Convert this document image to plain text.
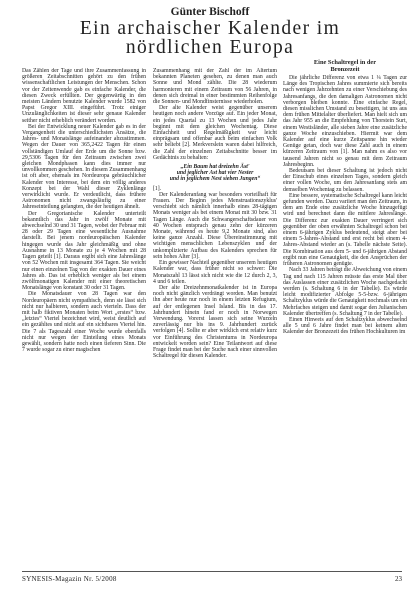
Günter Bischoff
Ein archaischer Kalender im
nördlichen Europa

Das Zählen der Tage und ihre Zusammenfassung in größeren Zeitabschnitten gehört zu den frühen wissenschaftlichen Leistungen der Menschen. Schon vor der Zeitenwende gab es einfache Kalender, die diesen Zweck erfüllten. Der gegenwärtig in den meisten Ländern benutzte Kalender wurde 1582 von Papst Gregor XIII. eingeführt. Trotz einiger Unzulänglichkeiten ist dieser sehr genaue Kalender seither nicht erheblich verändert worden.

Bei der Entwicklung neuer Kalender gab es in der Vergangenheit die unterschiedlichsten Ansätze, die Jahres- und Monatslänge aufeinander abzustimmen. Wegen der Dauer von 365,2422 Tagen für einen vollständigen Umlauf der Erde um die Sonne bzw. 29,5306 Tagen für den Zeitraum zwischen zwei gleichen Mondphasen kann dies immer nur unvollkommen geschehen. In diesem Zusammenhang ist oft aber, ehemals im Nordeuropa gebräuchlicher Kalender von Interesse, bei dem ein völlig anderes Konzept bei der Wahl dieser Zyklenlänge verwirklicht wurde. Er verdeutlicht, dass frühere Astronomen nicht zwangsläufig zu einer Jahreseinteilung gelangten, die der heutigen ähnelt.

Der Gregorianische Kalender unterteilt bekanntlich das Jahr in zwölf Monate mit abwechselnd 30 und 31 Tagen, wobei der Februar mit 28 oder 29 Tagen eine wesentliche Ausnahme darstellt. Bei jenem nordeuropäischen Kalender hingegen wurde das Jahr gleichmäßig und ohne Ausnahme in 13 Monate zu je 4 Wochen mit 28 Tagen geteilt [1]. Daraus ergibt sich eine Jahreslänge von 52 Wochen mit insgesamt 364 Tagen. Sie weicht nur einen einzelnen Tag von der exakten Dauer eines Jahres ab. Das ist erheblich weniger als bei einem zwölfmonatigen Kalender mit einer theoretischen Monatslänge von konstant 30 oder 31 Tagen.

Die Monatsdauer von 28 Tagen war den Nordeuropäern nicht sympathisch, denn sie lässt sich nicht nur halbieren, sondern auch vierteln. Dass der mit halb fiktiven Monaten beim Wort „erstes“ bzw. „letztes“ Viertel bezeichnet wird, weist deutlich auf ein gezähltes und nicht auf ein sichtbares Viertel hin. Die 7 als Tageszahl einer Woche wurde ebenfalls nicht nur wegen der Einteilung eines Monats gewählt, sondern hatte noch einen tieferen Sinn. Die 7 wurde sogar zu einer magischen

Zusammenhang mit der Zahl der im Altertum bekannten Planeten gesehen, zu denen man auch Sonne und Mond zählte. Die 28 wiederum harmonieren mit einem Zeitraum von 56 Jahren, in denen sich dreimal in einer bestimmten Reihenfolge die Sonnen- und Mondfinsternisse wiederholen.

Der alte Kalender weist gegenüber unserem heutigen noch andere Vorzüge auf. Ein jeder Monat, ein jedes Quartal zu 13 Wochen und jedes Jahr beginnt mit dem gleichen Wochentag. Diese Einfachheit und Regelmäßigkeit war leicht einprägsam und offenbar auch beim einfachen Volk sehr beliebt [2]. Merkverslein waren dabei hilfreich, die Zahl der einzelnen Zeitabschnitte besser im Gedächtnis zu behalten:

„Ein Baum hat dreizehn Äst'
und jeglicher Ast hat vier Nester
und in jeglichem Nest sieben Jungen“

[1].

Der Kalenderanfang war besonders vorteilhaft für Frauen. Der Beginn jedes Menstruationszyklus' verschiebt sich nämlich innerhalb eines 28-tägigen Monats weniger als bei einem Monat mit 30 bzw. 31 Tagen Länge. Auch die Schwangerschaftsdauer von 40 Wochen entsprach genau zehn der kürzeren Monate, während es heute 9,2 Monate sind, also keine ganze Anzahl. Diese Übereinstimmung mit wichtigen menschlichen Lebenszyklen und der unkomplizierte Aufbau des Kalenders sprechen für sein hohes Alter [3].

Ein gewisser Nachteil gegenüber unserem heutigen Kalender war, dass früher nicht so schwer: Die Monatszahl 13 lässt sich nicht wie die 12 durch 2, 3, 4 und 6 teilen.

Der alte Dreizehnmonatkalender ist in Europa noch nicht gänzlich verdrängt worden. Man benutzt ihn aber heute nur noch in einem letzten Refugium, auf der entlegenen Insel Island. Bis in das 17. Jahrhundert hinein fand er noch in Norwegen Verwendung. Vorerst lassen sich seine Wurzeln zuverlässig nur bis ins 9. Jahrhundert zurück verfolgen [4]. Sollte er aber wirklich erst relativ kurz vor Einführung des Christentums in Nordeuropa entwickelt worden sein? Eine Teilantwort auf diese Frage findet man bei der Suche nach einer sinnvollen Schaltregel für diesen Kalender.

Eine Schaltregel in der
Bronzezeit

Die jährliche Differenz von etwa 1 ¼ Tagen zur Länge des Tropischen Jahres summierte sich bereits nach wenigen Jahrzehnten zu einer Verschiebung des Jahresanfangs, die den damaligen Astronomen nicht verborgen bleiben konnte. Eine einfache Regel, diesen misslichen Umstand zu beseitigen, ist uns aus dem frühen Mittelalter überliefert. Man hielt sich um das Jahr 955 an die Empfehlung von Thorstein Surt, einem Westisländer, alle sieben Jahre eine zusätzliche ganze Woche einzuschieben. Hiermit war dem Kalender auf eine kurze Zeitspanne hin wieder Genüge getan, doch war diese Zahl auch in einem kürzeren Zeitraum von [1]. Man nahm es also vor tausend Jahren nicht so genau mit dem Zeitraum Jahresbeginn.

Bedeutsam bei dieser Schaltung ist jedoch nicht der Einschub eines einzelnen Tages, sondern gleich einer vollen Woche, um den Jahresanfang stets am demselben Wochentag zu belassen.

Eine bessere, systematische Schaltregel kann leicht gefunden werden. Dazu variiert man den Zeitraum, in dem am Ende eine zusätzliche Woche hinzugefügt wird und berechnet dann die mittlere Jahreslänge. Die Differenz zur exakten Dauer verringert sich gegenüber der oben erwähnten Schaltregel schon bei einem 6-jährigen Zyklus bedeutend, steigt aber bei einem 5-Jahres-Abstand und erst recht bei einem 4-Jahres-Abstand wieder an (s. Tabelle nächste Seite). Die Kombination aus dem 5- und 6-jährigen Abstand ergibt nun eine Genauigkeit, die den Ansprüchen der früheren Astronomen genügte.

Nach 33 Jahren beträgt die Abweichung von einem Tag und nach 115 Jahren müsste das erste Mal über das Auslassen einer zusätzlichen Woche nachgedacht werden (s. Schaltung 6 in der Tabelle). Es würde leicht modifizierter Abfolge 5-5-bzw. 6-jährigen Schaltzyklus würde die Genauigkeit nochmals um ein Mehrfaches steigen und damit sogar den Julianischen Kalender übertreffen (s. Schaltung 7 in der Tabelle).

Einen Hinweis auf den Schaltzyklus abwechselnd alle 5 und 6 Jahre findet man bei keinem alten Kalender der Bronzezeit des frühen Hochkulturen im

SYNESIS-Magazin Nr. 5/2008	23
